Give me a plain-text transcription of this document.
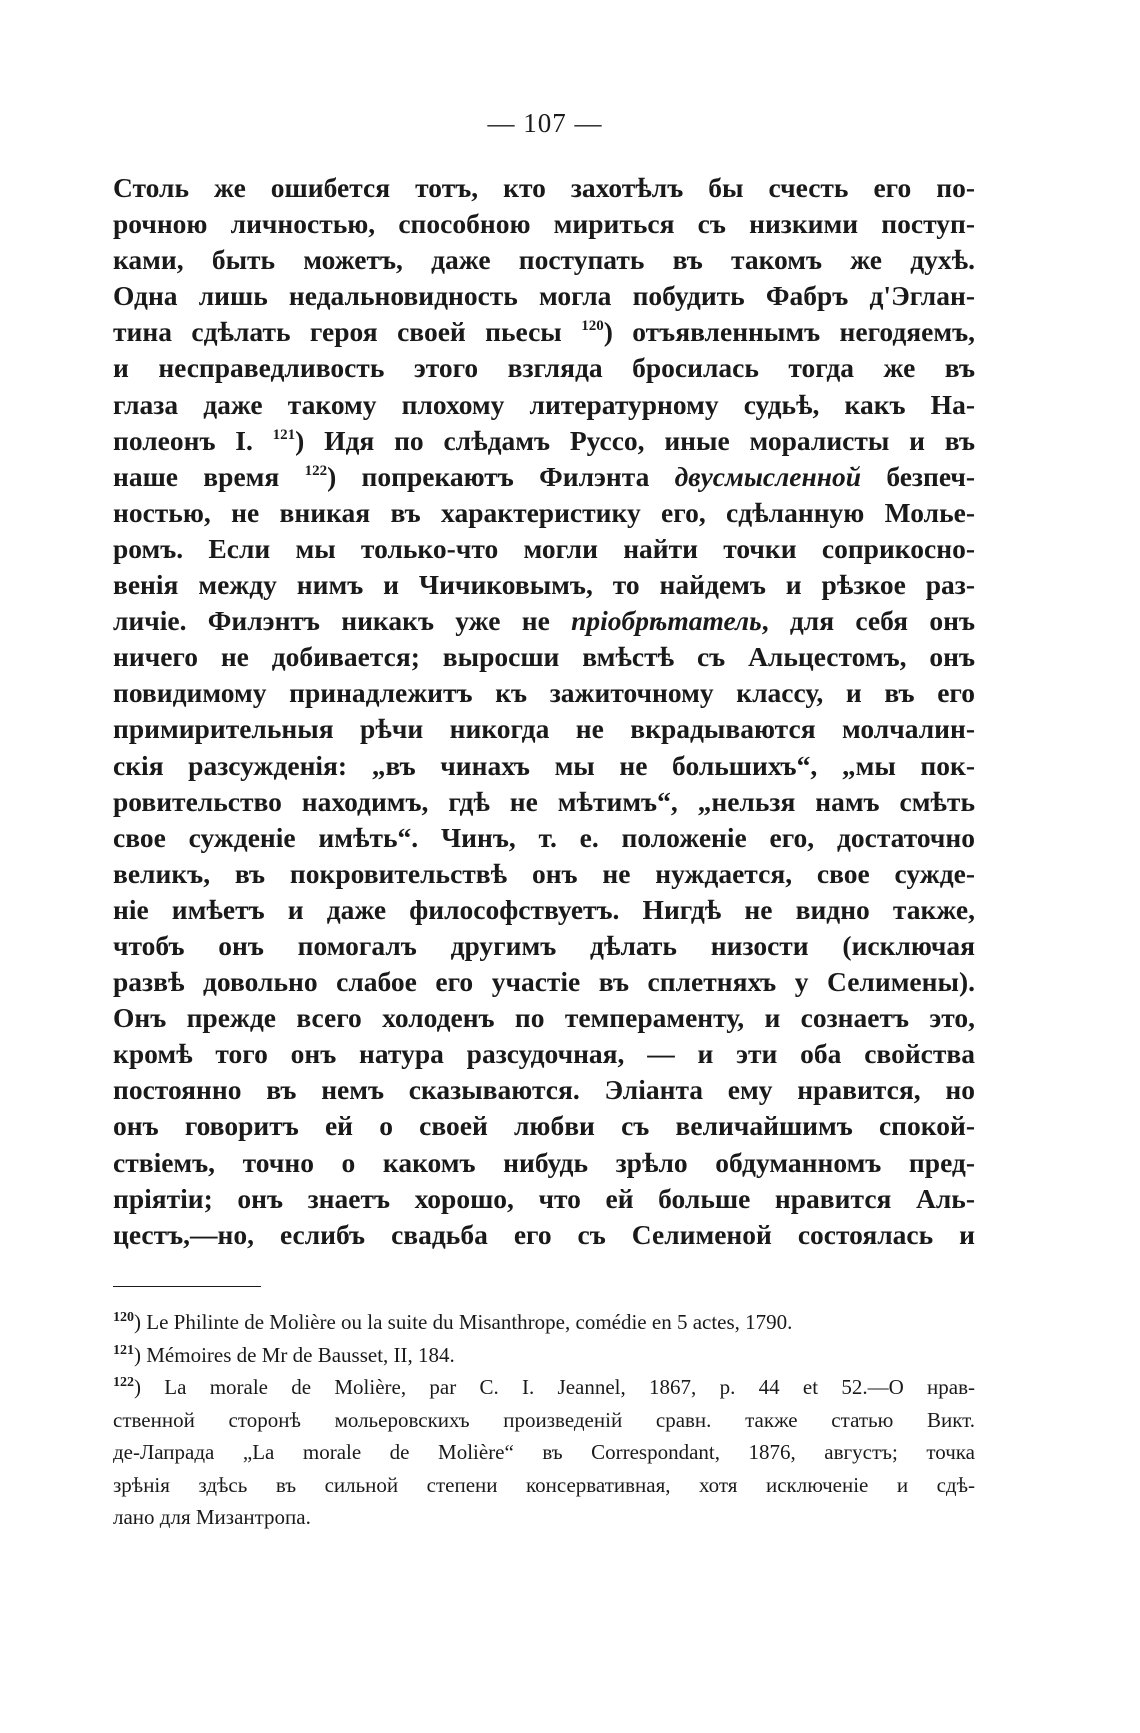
— 107 —
Столь же ошибется тотъ, кто захотѣлъ бы счесть его по-
рочною личностью, способною мириться съ низкими поступ-
ками, быть можетъ, даже поступать въ такомъ же духѣ.
Одна лишь недальновидность могла побудить Фабръ д'Эглан-
тина сдѣлать героя своей пьесы $^{120}$) отъявленнымъ негодяемъ,
и несправедливость этого взгляда бросилась тогда же въ
глаза даже такому плохому литературному судьѣ, какъ На-
полеонъ I. $^{121}$) Идя по слѣдамъ Руссо, иные моралисты и въ
наше время $^{122}$) попрекаютъ Филэнта двусмысленной безпеч-
ностью, не вникая въ характеристику его, сдѣланную Молье-
ромъ. Если мы только-что могли найти точки соприкосно-
венія между нимъ и Чичиковымъ, то найдемъ и рѣзкое раз-
личіе. Филэнтъ никакъ уже не пріобрѣтатель, для себя онъ
ничего не добивается; выросши вмѣстѣ съ Альцестомъ, онъ
повидимому принадлежитъ къ зажиточному классу, и въ его
примирительныя рѣчи никогда не вкрадываются молчалин-
скія разсужденія: „въ чинахъ мы не большихъ“, „мы пок-
ровительство находимъ, гдѣ не мѣтимъ“, „нельзя намъ смѣть
свое сужденіе имѣть“. Чинъ, т. е. положеніе его, достаточно
великъ, въ покровительствѣ онъ не нуждается, свое сужде-
ніе имѣетъ и даже философствуетъ. Нигдѣ не видно также,
чтобъ онъ помогалъ другимъ дѣлать низости (исключая
развѣ довольно слабое его участіе въ сплетняхъ у Селимены).
Онъ прежде всего холоденъ по темпераменту, и сознаетъ это,
кромѣ того онъ натура разсудочная, — и эти оба свойства
постоянно въ немъ сказываются. Эліанта ему нравится, но
онъ говоритъ ей о своей любви съ величайшимъ спокой-
ствіемъ, точно о какомъ нибудь зрѣло обдуманномъ пред-
пріятіи; онъ знаетъ хорошо, что ей больше нравится Аль-
цестъ,—но, еслибъ свадьба его съ Селименой состоялась и
$^{120}$) Le Philinte de Molière ou la suite du Misanthrope, comédie en 5 actes, 1790.
$^{121}$) Mémoires de Mr de Bausset, II, 184.
$^{122}$) La morale de Molière, par C. I. Jeannel, 1867, p. 44 et 52.—О нрав-
ственной сторонѣ мольеровскихъ произведеній сравн. также статью Викт.
де-Лапрада „La morale de Molière“ въ Correspondant, 1876, августъ; точка
зрѣнія здѣсь въ сильной степени консервативная, хотя исключеніе и сдѣ-
лано для Мизантропа.
